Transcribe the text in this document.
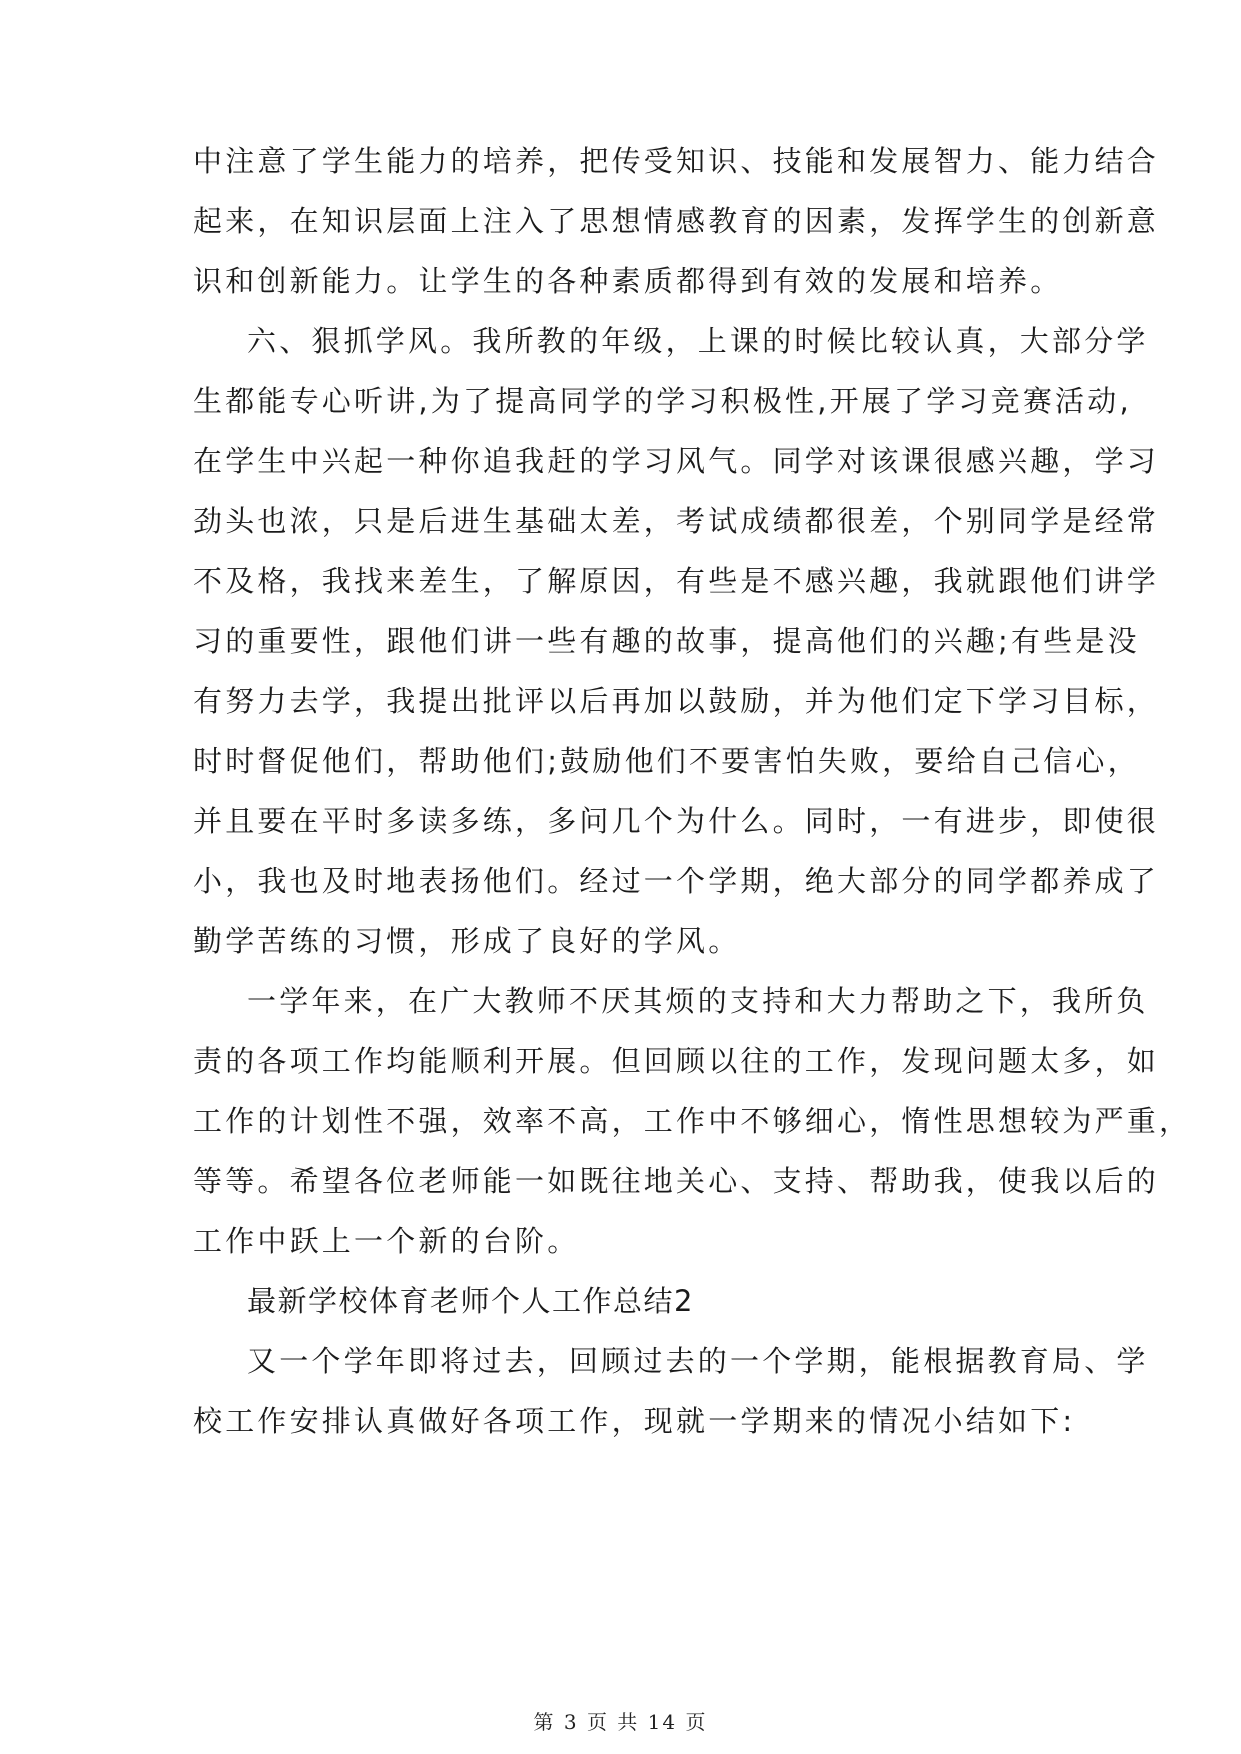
中注意了学生能力的培养，把传受知识、技能和发展智力、能力结合
起来，在知识层面上注入了思想情感教育的因素，发挥学生的创新意
识和创新能力。让学生的各种素质都得到有效的发展和培养。
六、狠抓学风。我所教的年级，上课的时候比较认真，大部分学
生都能专心听讲,为了提高同学的学习积极性,开展了学习竞赛活动,
在学生中兴起一种你追我赶的学习风气。同学对该课很感兴趣，学习
劲头也浓，只是后进生基础太差，考试成绩都很差，个别同学是经常
不及格，我找来差生，了解原因，有些是不感兴趣，我就跟他们讲学
习的重要性，跟他们讲一些有趣的故事，提高他们的兴趣;有些是没
有努力去学，我提出批评以后再加以鼓励，并为他们定下学习目标，
时时督促他们，帮助他们;鼓励他们不要害怕失败，要给自己信心，
并且要在平时多读多练，多问几个为什么。同时，一有进步，即使很
小，我也及时地表扬他们。经过一个学期，绝大部分的同学都养成了
勤学苦练的习惯，形成了良好的学风。
一学年来，在广大教师不厌其烦的支持和大力帮助之下，我所负
责的各项工作均能顺利开展。但回顾以往的工作，发现问题太多，如
工作的计划性不强，效率不高，工作中不够细心，惰性思想较为严重，
等等。希望各位老师能一如既往地关心、支持、帮助我，使我以后的
工作中跃上一个新的台阶。
最新学校体育老师个人工作总结2
又一个学年即将过去，回顾过去的一个学期，能根据教育局、学
校工作安排认真做好各项工作，现就一学期来的情况小结如下:
第 3 页 共 14 页
